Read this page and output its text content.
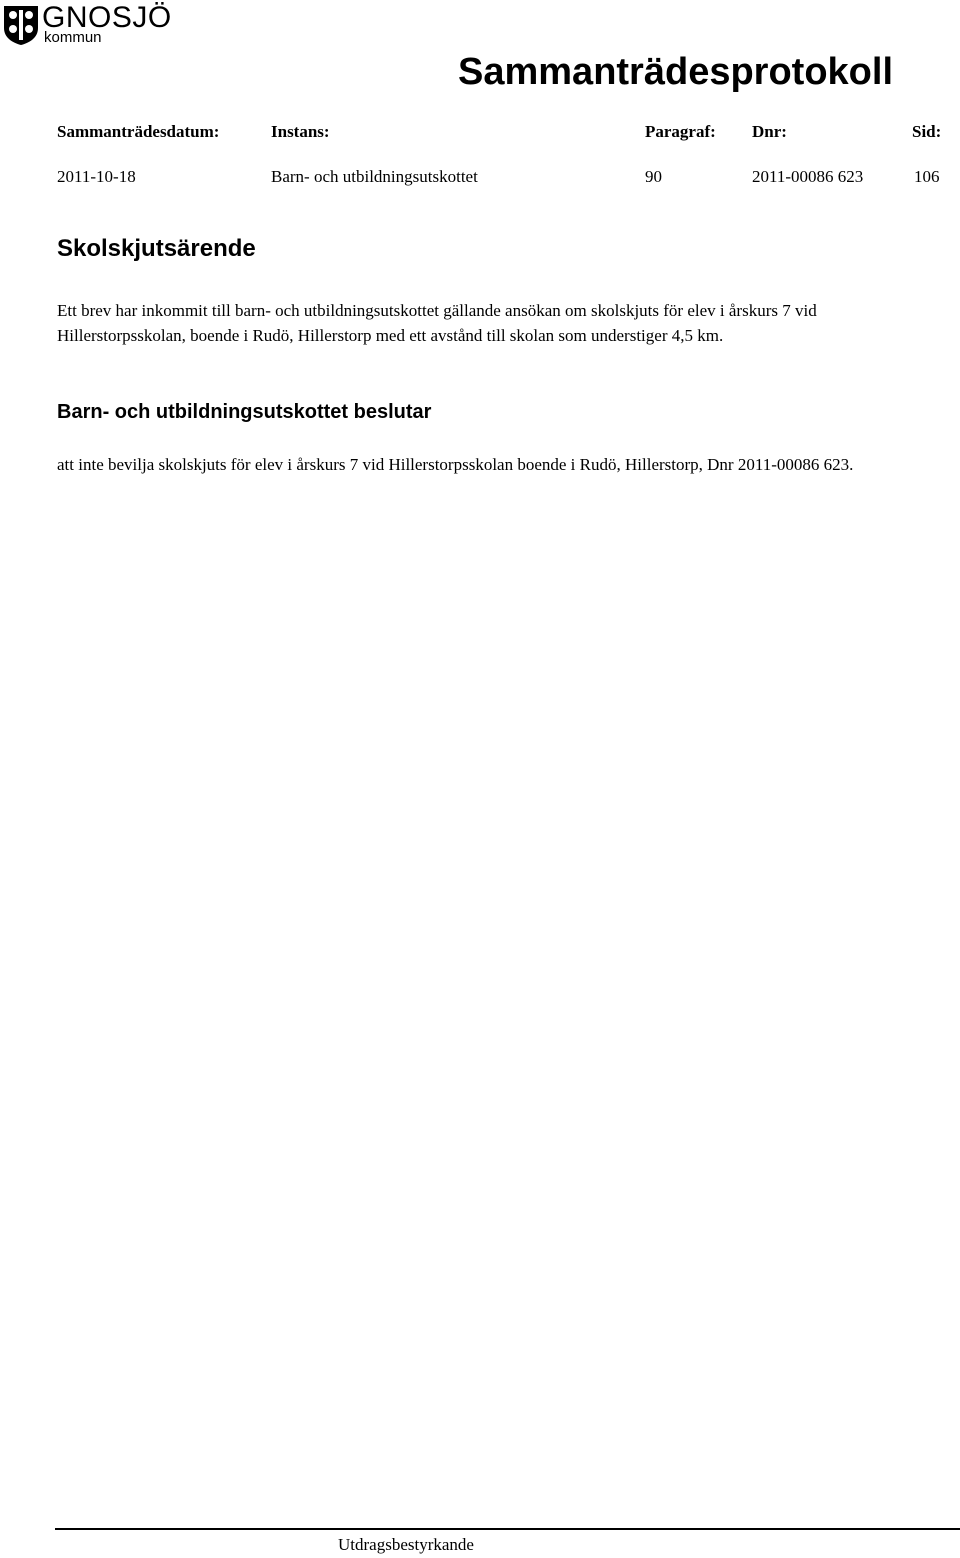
GNOSJÖ
kommun
Sammanträdesprotokoll
Sammanträdesdatum:	Instans:	Paragraf: Dnr:	Sid:
2011-10-18	Barn- och utbildningsutskottet	90	2011-00086 623	106
Skolskjutsärende
Ett brev har inkommit till barn- och utbildningsutskottet gällande ansökan om skolskjuts för elev i årskurs 7 vid Hillerstorpsskolan, boende i Rudö, Hillerstorp med ett avstånd till skolan som understiger 4,5 km.
Barn- och utbildningsutskottet beslutar
att inte bevilja skolskjuts för elev i årskurs 7 vid Hillerstorpsskolan boende i Rudö, Hillerstorp, Dnr 2011-00086 623.
Utdragsbestyrkande
